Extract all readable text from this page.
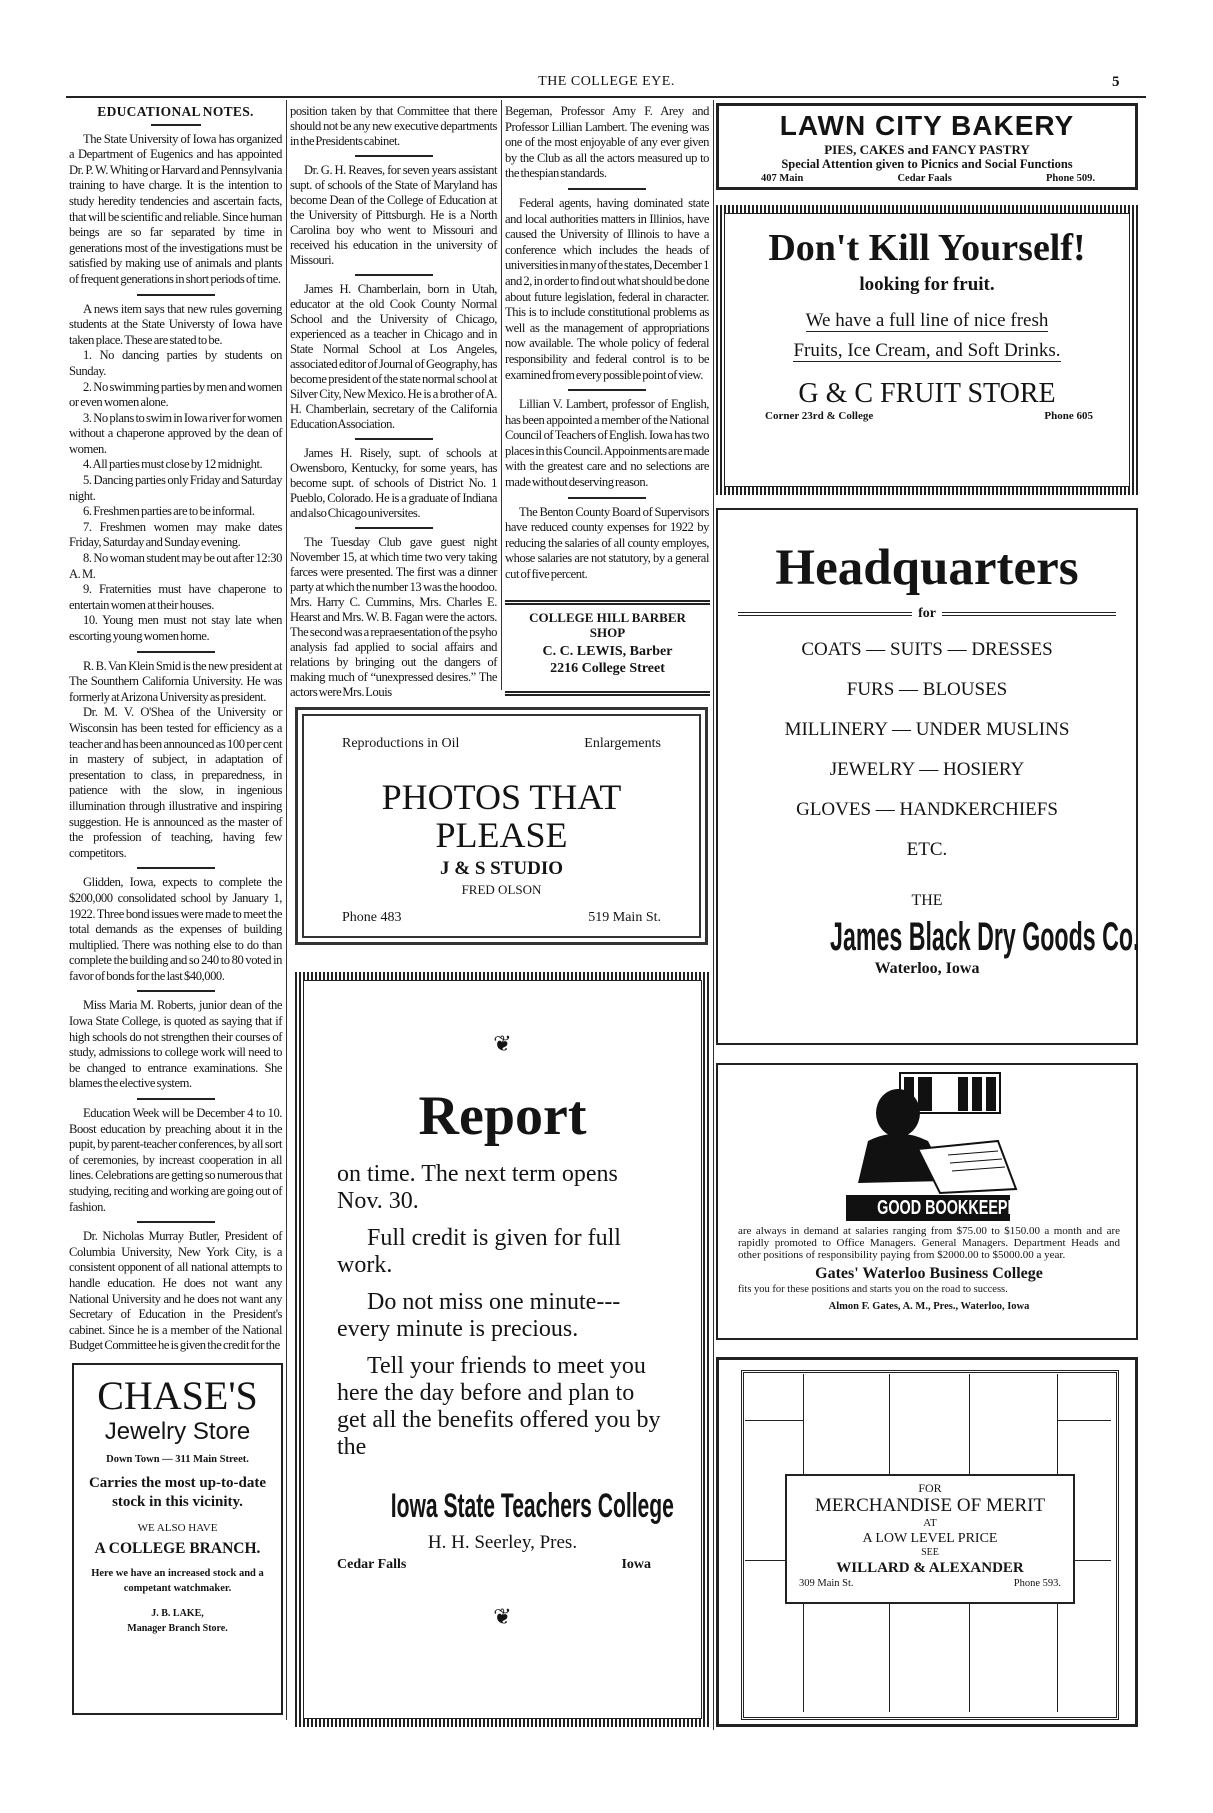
THE COLLEGE EYE.	5
EDUCATIONAL NOTES.

The State University of Iowa has organized a Department of Eugenics and has appointed Dr. P. W. Whiting or Harvard and Pennsylvania training to have charge. It is the intention to study heredity tendencies and ascertain facts, that will be scientific and reliable. Since human beings are so far separated by time in generations most of the investigations must be satisfied by making use of animals and plants of frequent generations in short periods of time.

A news item says that new rules governing students at the State Universty of Iowa have taken place. These are stated to be.

1. No dancing parties by students on Sunday.

2. No swimming parties by men and women or even women alone.

3. No plans to swim in Iowa river for women without a chaperone approved by the dean of women.

4. All parties must close by 12 midnight.

5. Dancing parties only Friday and Saturday night.

6. Freshmen parties are to be informal.

7. Freshmen women may make dates Friday, Saturday and Sunday evening.

8. No woman student may be out after 12:30 A. M.

9. Fraternities must have chaperone to entertain women at their houses.

10. Young men must not stay late when escorting young women home.

R. B. Van Klein Smid is the new president at The Sounthern California University. He was formerly at Arizona University as president.

Dr. M. V. O'Shea of the University or Wisconsin has been tested for efficiency as a teacher and has been announced as 100 per cent in mastery of subject, in adaptation of presentation to class, in preparedness, in patience with the slow, in ingenious illumination through illustrative and inspiring suggestion. He is announced as the master of the profession of teaching, having few competitors.

Glidden, Iowa, expects to complete the $200,000 consolidated school by January 1, 1922. Three bond issues were made to meet the total demands as the expenses of building multiplied. There was nothing else to do than complete the building and so 240 to 80 voted in favor of bonds for the last $40,000.

Miss Maria M. Roberts, junior dean of the Iowa State College, is quoted as saying that if high schools do not strengthen their courses of study, admissions to college work will need to be changed to entrance examinations. She blames the elective system.

Education Week will be December 4 to 10. Boost education by preaching about it in the pupit, by parent-teacher conferences, by all sort of ceremonies, by increast cooperation in all lines. Celebrations are getting so numerous that studying, reciting and working are going out of fashion.

Dr. Nicholas Murray Butler, President of Columbia University, New York City, is a consistent opponent of all national attempts to handle education. He does not want any National University and he does not want any Secretary of Education in the President's cabinet. Since he is a member of the National Budget Committee he is given the credit for the

position taken by that Committee that there should not be any new executive departments in the Presidents cabinet.

Dr. G. H. Reaves, for seven years assistant supt. of schools of the State of Maryland has become Dean of the College of Education at the University of Pittsburgh. He is a North Carolina boy who went to Missouri and received his education in the university of Missouri.

James H. Chamberlain, born in Utah, educator at the old Cook County Normal School and the University of Chicago, experienced as a teacher in Chicago and in State Normal School at Los Angeles, associated editor of Journal of Geography, has become president of the state normal school at Silver City, New Mexico. He is a brother of A. H. Chamberlain, secretary of the California Education Association.

James H. Risely, supt. of schools at Owensboro, Kentucky, for some years, has become supt. of schools of District No. 1 Pueblo, Colorado. He is a graduate of Indiana and also Chicago universites.

The Tuesday Club gave guest night November 15, at which time two very taking farces were presented. The first was a dinner party at which the number 13 was the hoodoo. Mrs. Harry C. Cummins, Mrs. Charles E. Hearst and Mrs. W. B. Fagan were the actors. The second was a repraesentation of the psyho analysis fad applied to social affairs and relations by bringing out the dangers of making much of “unexpressed desires.” The actors were Mrs. Louis

Begeman, Professor Amy F. Arey and Professor Lillian Lambert. The evening was one of the most enjoyable of any ever given by the Club as all the actors measured up to the thespian standards.

Federal agents, having dominated state and local authorities matters in Illinios, have caused the University of Illinois to have a conference which includes the heads of universities in many of the states, December 1 and 2, in order to find out what should be done about future legislation, federal in character. This is to include constitutional problems as well as the management of appropriations now available. The whole policy of federal responsibility and federal control is to be examined from every possible point of view.

Lillian V. Lambert, professor of English, has been appointed a member of the National Council of Teachers of English. Iowa has two places in this Council. Appoinments are made with the greatest care and no selections are made without deserving reason.

The Benton County Board of Supervisors have reduced county expenses for 1922 by reducing the salaries of all county employes, whose salaries are not statutory, by a general cut of five percent.

COLLEGE HILL BARBER
SHOP
C. C. LEWIS, Barber
2216 College Street
Reproductions in Oil	Enlargements
PHOTOS THAT
PLEASE
J & S STUDIO
FRED OLSON
Phone 483	519 Main St.
CHASE'S
Jewelry Store
Down Town — 311 Main Street.
Carries the most up-to-date stock in this vicinity.
WE ALSO HAVE
A COLLEGE BRANCH.
Here we have an increased stock and a competant watchmaker.
J. B. LAKE,
Manager Branch Store.
❦
Report
on time. The next term opens Nov. 30.
Full credit is given for full work.
Do not miss one minute--- every minute is precious.
Tell your friends to meet you here the day before and plan to get all the benefits offered you by the
Iowa State Teachers College
H. H. Seerley, Pres.
Cedar Falls	Iowa
❦
LAWN CITY BAKERY
PIES, CAKES and FANCY PASTRY
Special Attention given to Picnics and Social Functions
407 Main	Cedar Faals	Phone 509.
Don't Kill Yourself!
looking for fruit.
We have a full line of nice fresh
Fruits, Ice Cream, and Soft Drinks.
G & C FRUIT STORE
Corner 23rd & College	Phone 605
Headquarters
for
COATS — SUITS — DRESSES
FURS — BLOUSES
MILLINERY — UNDER MUSLINS
JEWELRY — HOSIERY
GLOVES — HANDKERCHIEFS
ETC.
THE
James Black Dry Goods Co.
Waterloo, Iowa
GOOD BOOKKEEPERS
are always in demand at salaries ranging from $75.00 to $150.00 a month and are rapidly promoted to Office Managers. General Managers. Department Heads and other positions of responsibility paying from $2000.00 to $5000.00 a year.
Gates' Waterloo Business College
fits you for these positions and starts you on the road to success.
Almon F. Gates, A. M., Pres., Waterloo, Iowa
FOR
MERCHANDISE OF MERIT
AT
A LOW LEVEL PRICE
SEE
WILLARD & ALEXANDER
309 Main St.	Phone 593.
